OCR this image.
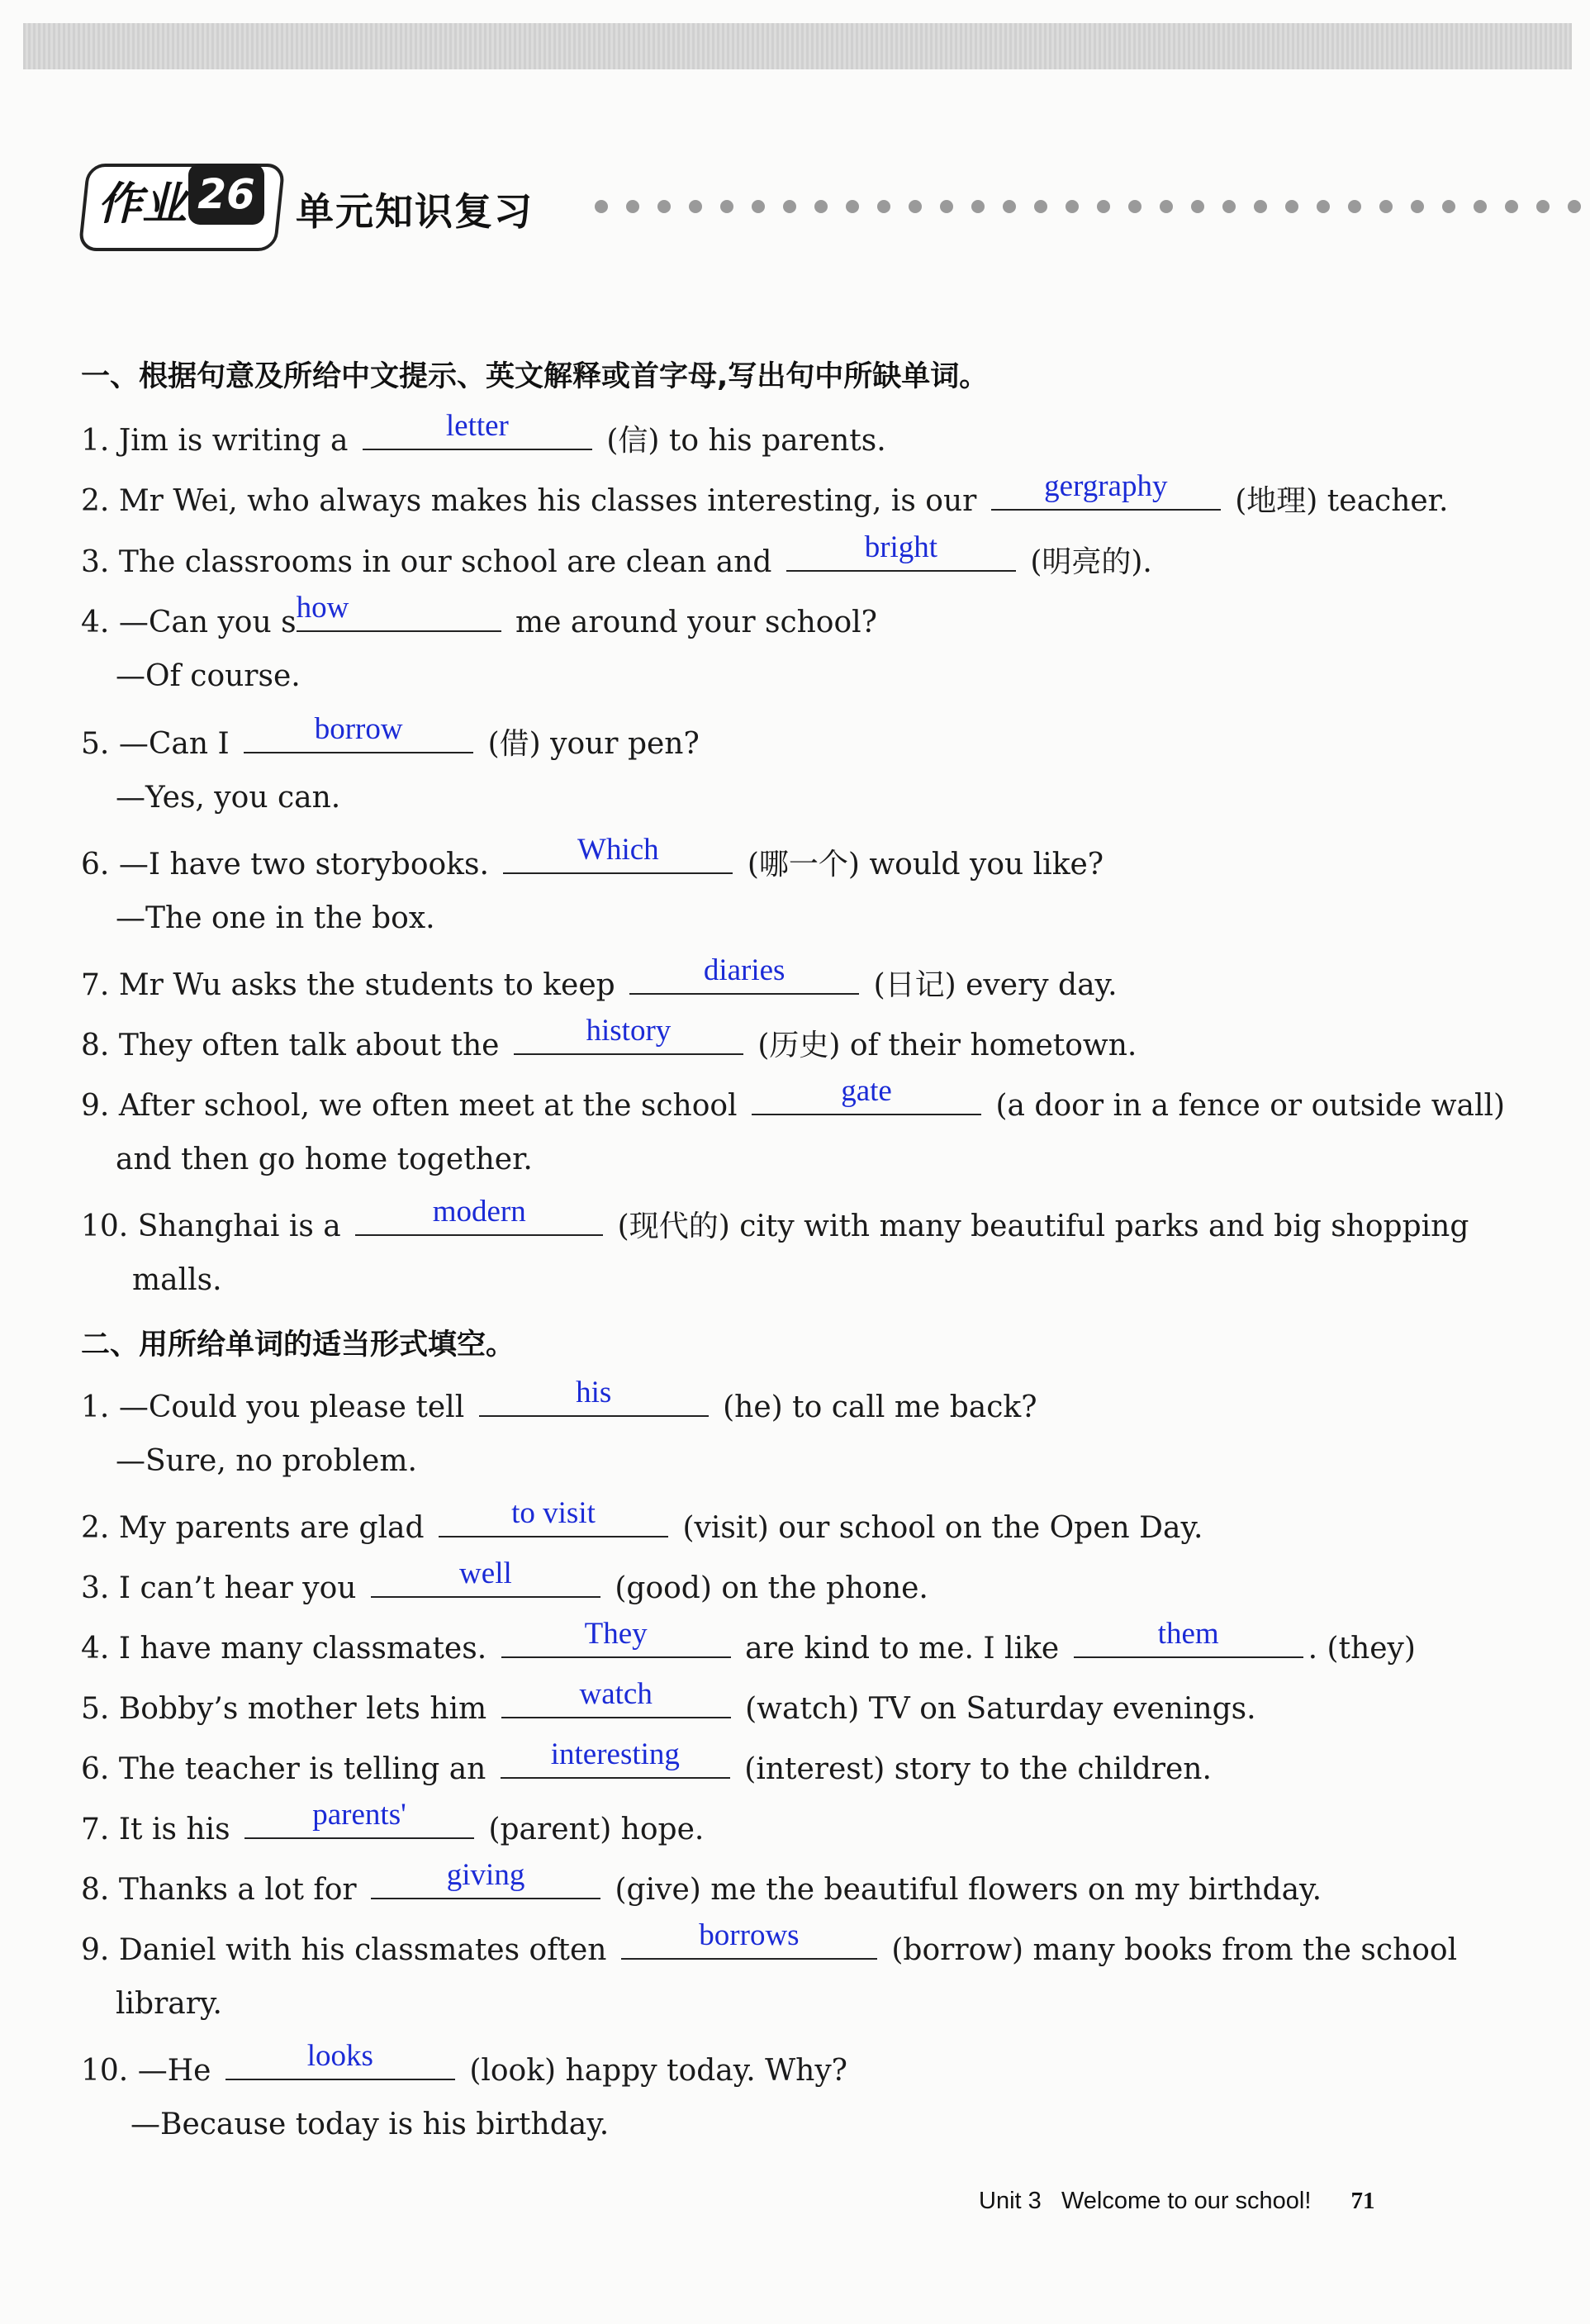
作业 26 单元知识复习
一、根据句意及所给中文提示、英文解释或首字母,写出句中所缺单词。
1. Jim is writing a	letter	(信) to his parents.
2. Mr Wei, who always makes his classes interesting, is our	gergraphy	(地理) teacher.
3. The classrooms in our school are clean and	bright	(明亮的).
4. —Can you s how	me around your school?
—Of course.
5. —Can I	borrow	(借) your pen?
—Yes, you can.
6. —I have two storybooks.	Which	(哪一个) would you like?
—The one in the box.
7. Mr Wu asks the students to keep	diaries	(日记) every day.
8. They often talk about the	history	(历史) of their hometown.
9. After school, we often meet at the school	gate	(a door in a fence or outside wall)
and then go home together.
10. Shanghai is a	modern	(现代的) city with many beautiful parks and big shopping
malls.
二、用所给单词的适当形式填空。
1. —Could you please tell	his	(he) to call me back?
—Sure, no problem.
2. My parents are glad	to visit	(visit) our school on the Open Day.
3. I can’t hear you	well	(good) on the phone.
4. I have many classmates.	They	are kind to me. I like	them	. (they)
5. Bobby’s mother lets him	watch	(watch) TV on Saturday evenings.
6. The teacher is telling an	interesting	(interest) story to the children.
7. It is his	parents'	(parent) hope.
8. Thanks a lot for	giving	(give) me the beautiful flowers on my birthday.
9. Daniel with his classmates often	borrows	(borrow) many books from the school
library.
10. —He	looks	(look) happy today. Why?
—Because today is his birthday.
Unit 3 Welcome to our school! 71
